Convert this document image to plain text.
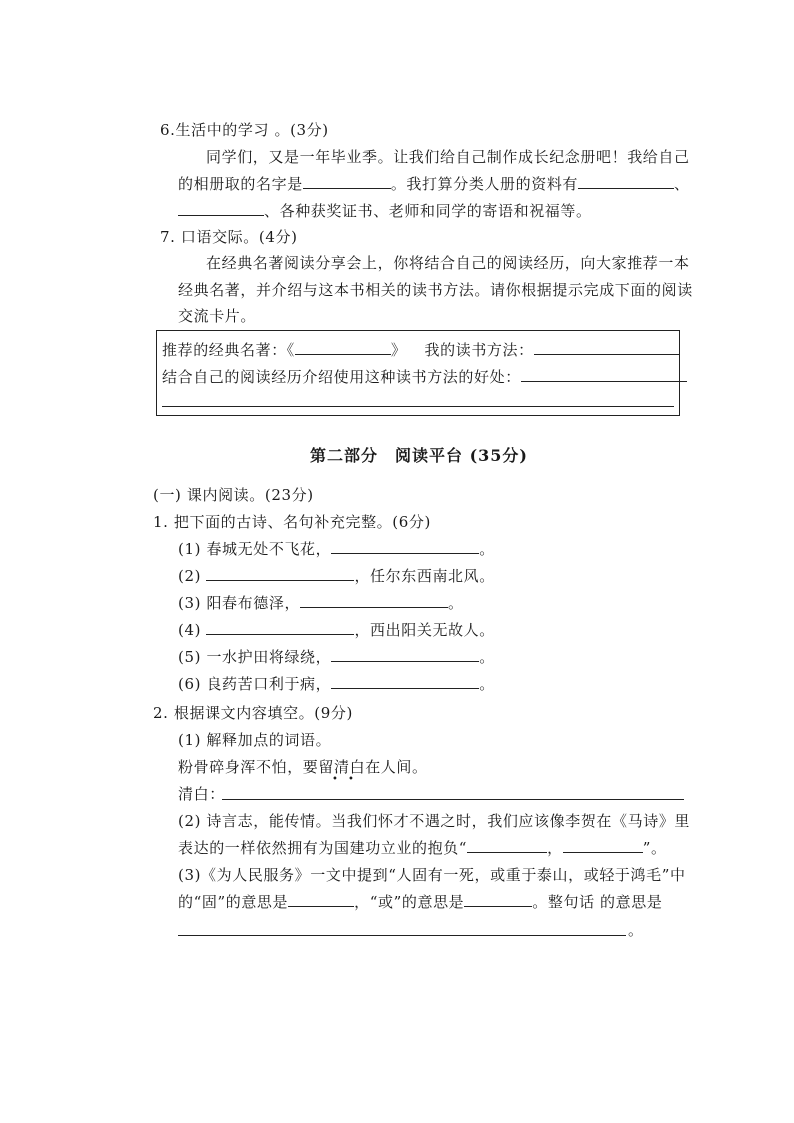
6.生活中的学习 。(3分)
同学们，又是一年毕业季。让我们给自己制作成长纪念册吧！我给自己
的相册取的名字是	。我打算分类人册的资料有	、
、各种获奖证书、老师和同学的寄语和祝福等。
7. 口语交际。(4分)
在经典名著阅读分享会上，你将结合自己的阅读经历，向大家推荐一本
经典名著，并介绍与这本书相关的读书方法。请你根据提示完成下面的阅读
交流卡片。
推荐的经典名著：《	》 我的读书方法：
结合自己的阅读经历介绍使用这种读书方法的好处：
第二部分　阅读平台 (35分)
(一) 课内阅读。(23分)
1. 把下面的古诗、名句补充完整。(6分)
(1) 春城无处不飞花，	。
(2)	，任尔东西南北风。
(3) 阳春布德泽，	。
(4)	，西出阳关无故人。
(5) 一水护田将绿绕，	。
(6) 良药苦口利于病，	。
2. 根据课文内容填空。(9分)
(1) 解释加点的词语。
粉骨碎身浑不怕，要留清白在人间。
• •
清白：
(2) 诗言志，能传情。当我们怀才不遇之时，我们应该像李贺在《马诗》里
表达的一样依然拥有为国建功立业的抱负“	，	”。
(3)《为人民服务》一文中提到“人固有一死，或重于泰山，或轻于鸿毛”中
的“固”的意思是	，“或”的意思是	。整句话 的意思是
。
